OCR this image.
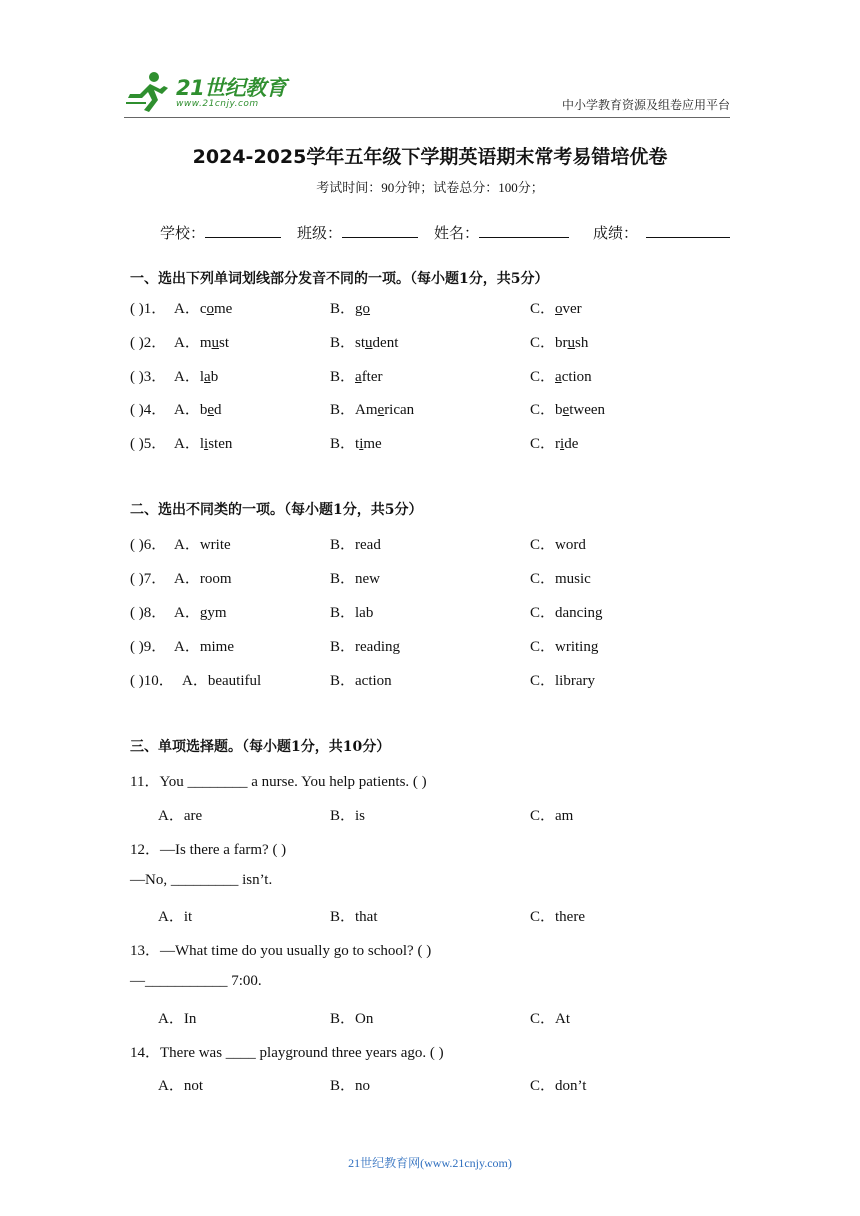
21世纪教育
www.21cnjy.com	中小学教育资源及组卷应用平台
2024-2025学年五年级下学期英语期末常考易错培优卷
考试时间：90分钟；试卷总分：100分；
学校：	班级：	姓名：	成绩：
一、选出下列单词划线部分发音不同的一项。（每小题1分，共5分）
( )1． A．come	B．go	C．over
( )2． A．must	B．student	C．brush
( )3． A．lab	B．after	C．action
( )4． A．bed	B．American	C．between
( )5． A．listen	B．time	C．ride
二、选出不同类的一项。（每小题1分，共5分）
( )6． A．write	B．read	C．word
( )7． A．room	B．new	C．music
( )8． A．gym	B．lab	C．dancing
( )9． A．mime	B．reading	C．writing
( )10． A．beautiful	B．action	C．library
三、单项选择题。（每小题1分，共10分）
11．You ________ a nurse. You help patients. ( )
A．are	B．is	C．am
12．—Is there a farm? ( )
—No, _________ isn’t.
A．it	B．that	C．there
13．—What time do you usually go to school? ( )
—___________ 7:00.
A．In	B．On	C．At
14．There was ____ playground three years ago. ( )
A．not	B．no	C．don’t
21世纪教育网(www.21cnjy.com)
